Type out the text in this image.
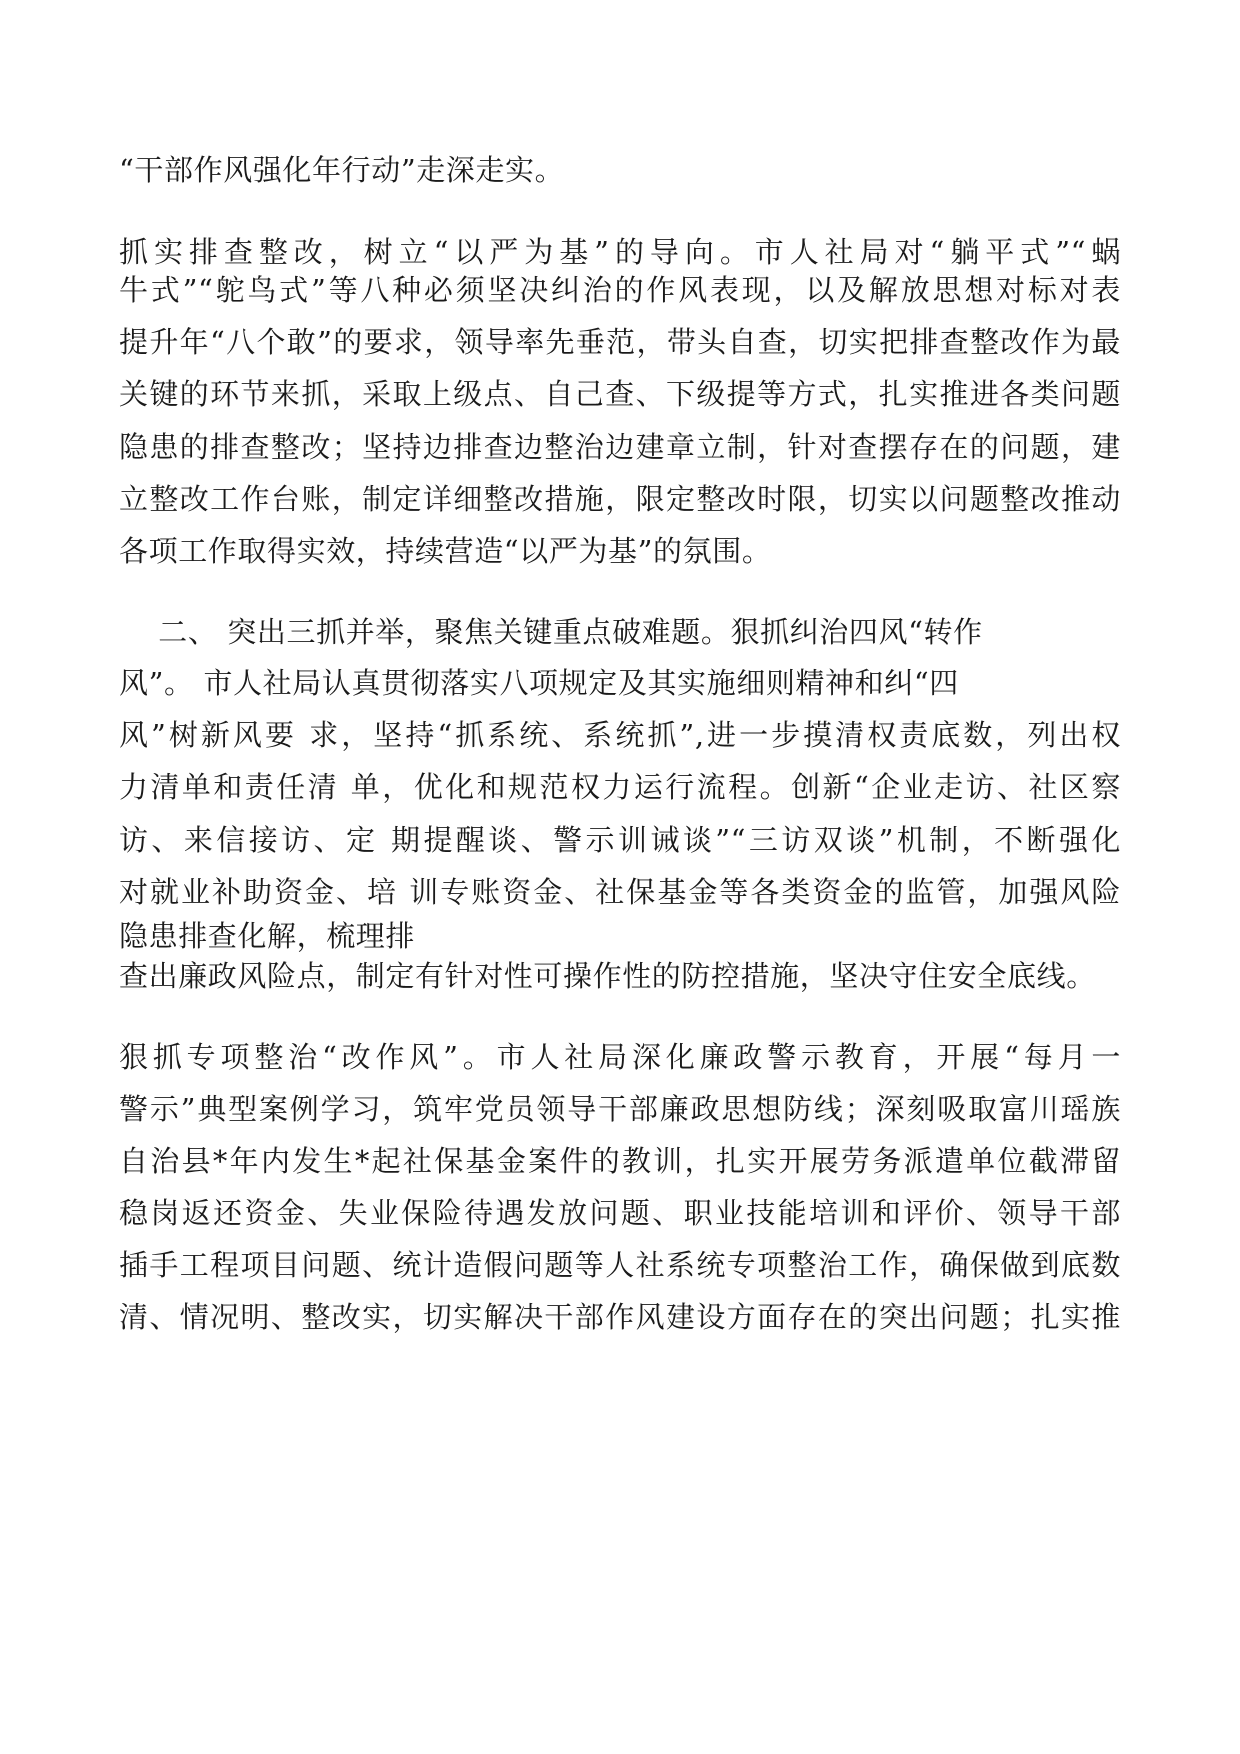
“干部作风强化年行动”走深走实。

抓实排查整改，树立“以严为基”的导向。市人社局对“躺平式”“蜗

牛式”“鸵鸟式”等八种必须坚决纠治的作风表现，以及解放思想对标对表

提升年“八个敢”的要求，领导率先垂范，带头自查，切实把排查整改作为最

关键的环节来抓，采取上级点、自己查、下级提等方式，扎实推进各类问题

隐患的排查整改；坚持边排查边整治边建章立制，针对查摆存在的问题，建

立整改工作台账，制定详细整改措施，限定整改时限，切实以问题整改推动

各项工作取得实效，持续营造“以严为基”的氛围。

二、 突出三抓并举，聚焦关键重点破难题。狠抓纠治四风“转作

风”。 市人社局认真贯彻落实八项规定及其实施细则精神和纠“四

风”树新风要 求，坚持“抓系统、系统抓”,进一步摸清权责底数，列出权

力清单和责任清 单，优化和规范权力运行流程。创新“企业走访、社区察

访、来信接访、定 期提醒谈、警示训诫谈”“三访双谈”机制，不断强化

对就业补助资金、培 训专账资金、社保基金等各类资金的监管，加强风险

隐患排查化解，梳理排

查出廉政风险点，制定有针对性可操作性的防控措施，坚决守住安全底线。

狠抓专项整治“改作风”。市人社局深化廉政警示教育，开展“每月一

警示”典型案例学习，筑牢党员领导干部廉政思想防线；深刻吸取富川瑶族

自治县*年内发生*起社保基金案件的教训，扎实开展劳务派遣单位截滞留

稳岗返还资金、失业保险待遇发放问题、职业技能培训和评价、领导干部

插手工程项目问题、统计造假问题等人社系统专项整治工作，确保做到底数

清、情况明、整改实，切实解决干部作风建设方面存在的突出问题；扎实推
